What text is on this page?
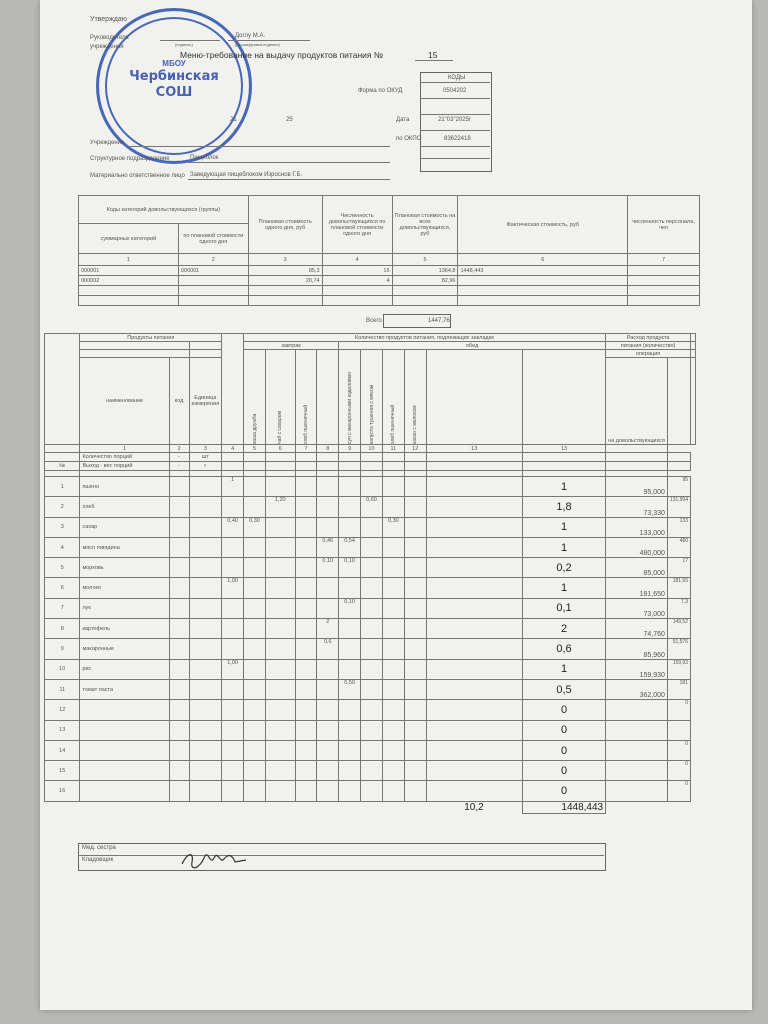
МБОУ
Чербинская
СОШ
Утверждаю
Руководитель учреждения	(подпись)
Доглу М.А.
(расшифровка подписи)
Меню-требование на выдачу продуктов питания №	15
КОДЫ
Форма по ОКУД	0504202
21	25	Дата	21"03"2025г
по ОКПО	83622418
Учреждение
Структурное подразделение	Пищеблок
Материально ответственное лицо Заведующая пищеблоком Изроснов Г.Б.
Коды категорий довольствующихся (группы)		Плановая стоимость одного дня, руб	Численность довольствующихся по плановой стоимости одного дня	Плановая стоимость на всех довольствующихся, руб	Фактическая стоимость, руб	численность персонала, чел
суммарных категорий	по плановой стоимости одного дня					
1	2	3	4	5	6	7
000001	000001	85,3	16	1364,8	1448,443	
000002		20,74	4	82,96		

Всего	1447,76
	Продукты питания				Количество продуктов питания, подлежащих закладке										Расход продукта		
					завтрак				обед						питания (количество)		
					каша дружба	чай с сахаром	хлеб пшеничный		суп с макаронными изделиями	капуста тушеная с мясом	хлеб пшеничный	какао с молоком			операция		
	наименование	код	Единица измерения												на довольствующихся		
	1	2	3	4	5	6	7	8	9	10	11	12	13	13			
	Количество порций	-	шт														
№	Выход - вес порций	-	г														

1	пшено			1										1	95,000	95	
2	хлеб					1,20				0,60				1,8	73,330	131,994	
3	сахар			0,40	0,30						0,30			1	133,000	133	
4	мясо говядина							0,46	0,54					1	480,000	480	
5	морковь							0,10	0,10					0,2	85,000	17	
6	молоко			1,00										1	181,650	181,65	
7	лук								0,10					0,1	73,000	7,3	
8	картофель							2						2	74,760	149,52	
9	макаронные							0,6						0,6	85,960	51,576	
10	рис			1,00										1	159,930	159,93	
11	томат паста								0,50					0,5	362,000	181	
12														0		0	
13														0			
14														0		0	
15														0		0	
16														0		0	
													10,2	1448,443			
Мед. сестра
Кладовщик
